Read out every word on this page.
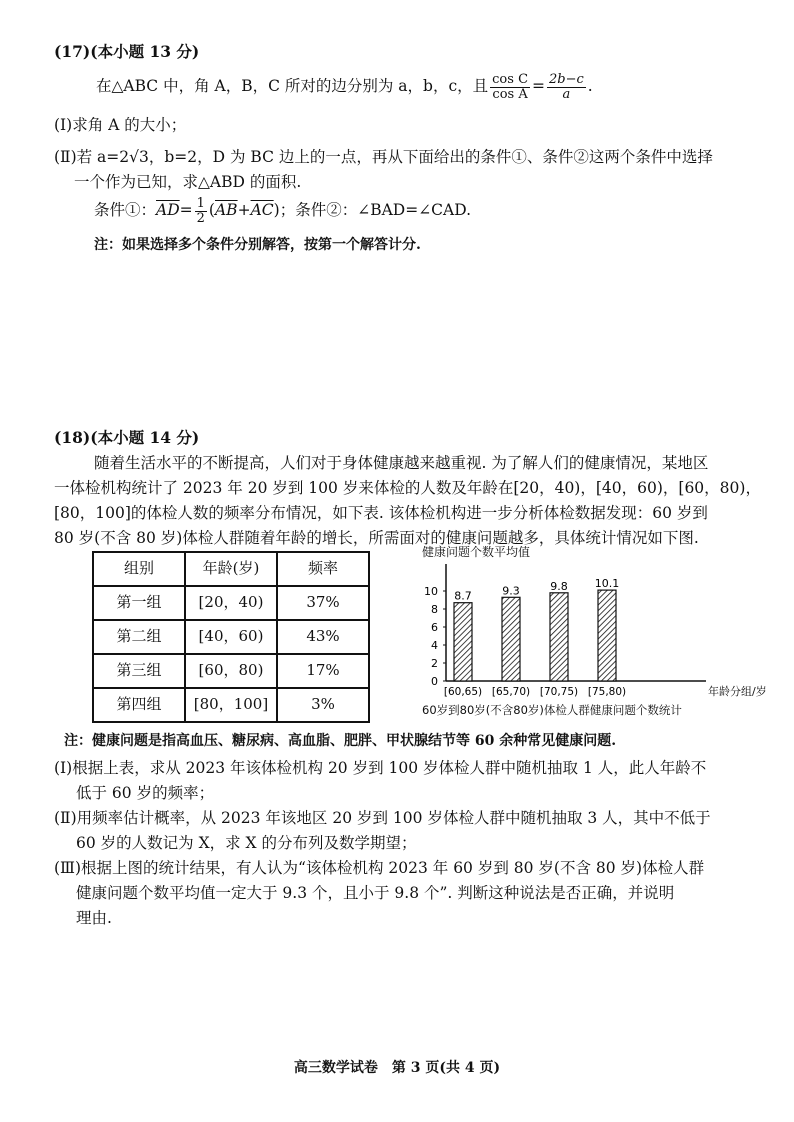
(17)(本小题 13 分)
在△ABC 中，角 A，B，C 所对的边分别为 a，b，c，且 $\frac{\text{cos C}}{\text{cos A}} = \frac{2b-c}{a}$ .
(Ⅰ)求角 A 的大小；
(Ⅱ)若 a=2√3，b=2，D 为 BC 边上的一点，再从下面给出的条件①、条件②这两个条件中选择
一个作为已知，求△ABD 的面积.
条件①：$\overline{AD}= \frac{1}{2} (\overline{AB}+\overline{AC})$；条件②：∠BAD=∠CAD.
注：如果选择多个条件分别解答，按第一个解答计分.
(18)(本小题 14 分)
随着生活水平的不断提高，人们对于身体健康越来越重视. 为了解人们的健康情况，某地区
一体检机构统计了 2023 年 20 岁到 100 岁来体检的人数及年龄在[20，40)，[40，60)，[60，80)，
[80，100]的体检人数的频率分布情况，如下表. 该体检机构进一步分析体检数据发现：60 岁到
80 岁(不含 80 岁)体检人群随着年龄的增长，所需面对的健康问题越多，具体统计情况如下图.
组别	年龄(岁)	频率
第一组	[20，40)	37%
第二组	[40，60)	43%
第三组	[60，80)	17%
第四组	[80，100]	3%
健康问题个数平均值
0
2
4
6
8
10 8.7	9.3	9.8 10.1
[60,65) [65,70) [70,75) [75,80)	年龄分组/岁
60岁到80岁(不含80岁)体检人群健康问题个数统计
注：健康问题是指高血压、糖尿病、高血脂、肥胖、甲状腺结节等 60 余种常见健康问题.
(Ⅰ)根据上表，求从 2023 年该体检机构 20 岁到 100 岁体检人群中随机抽取 1 人，此人年龄不
低于 60 岁的频率；
(Ⅱ)用频率估计概率，从 2023 年该地区 20 岁到 100 岁体检人群中随机抽取 3 人，其中不低于
60 岁的人数记为 X，求 X 的分布列及数学期望；
(Ⅲ)根据上图的统计结果，有人认为“该体检机构 2023 年 60 岁到 80 岁(不含 80 岁)体检人群
健康问题个数平均值一定大于 9.3 个，且小于 9.8 个”. 判断这种说法是否正确，并说明
理由.
高三数学试卷　第 3 页(共 4 页)
